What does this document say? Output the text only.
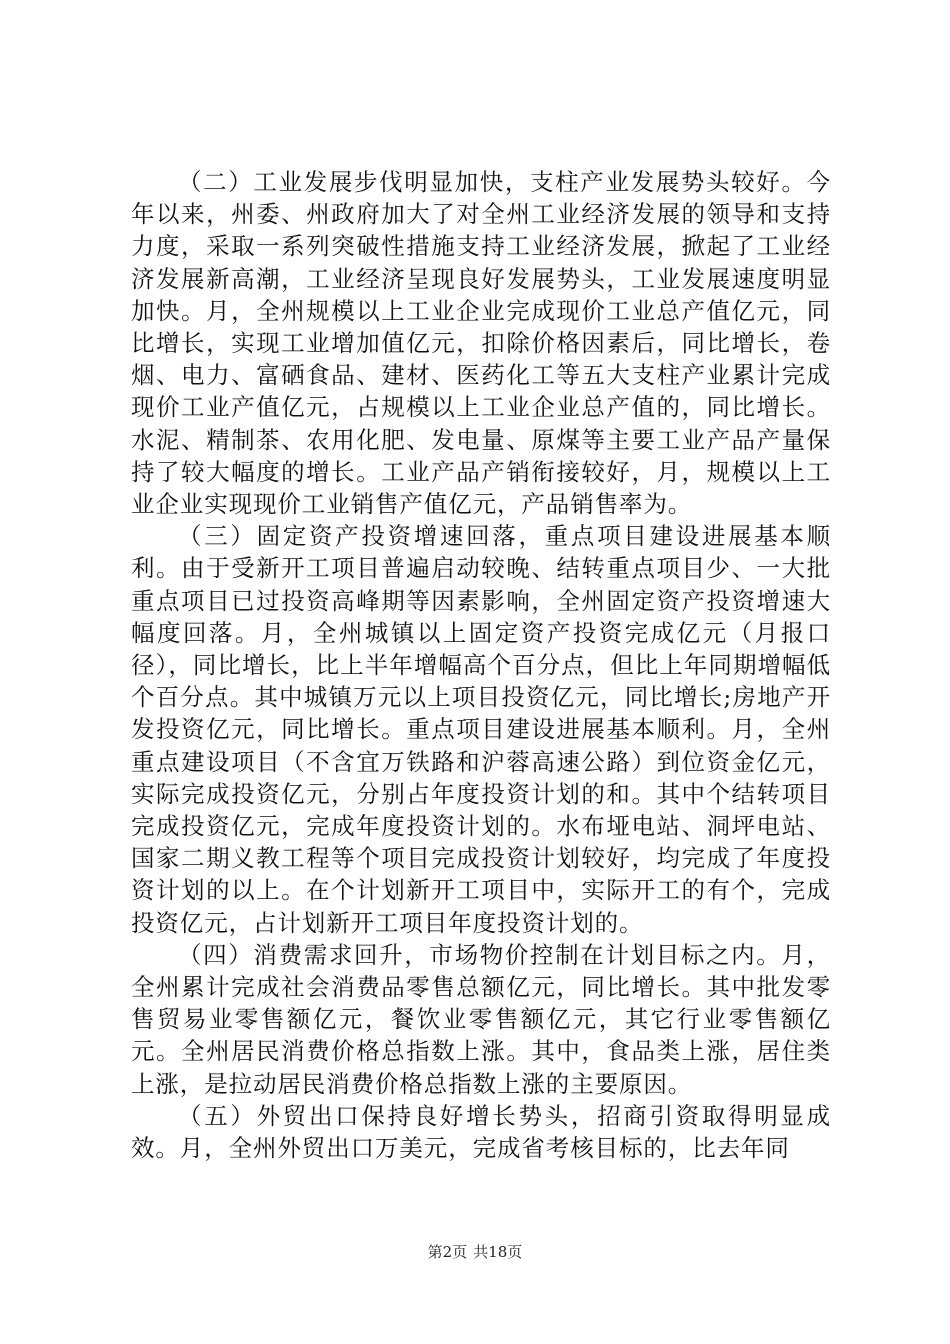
（二）工业发展步伐明显加快，支柱产业发展势头较好。今年以来，州委、州政府加大了对全州工业经济发展的领导和支持力度，采取一系列突破性措施支持工业经济发展，掀起了工业经济发展新高潮，工业经济呈现良好发展势头，工业发展速度明显加快。月，全州规模以上工业企业完成现价工业总产值亿元，同比增长，实现工业增加值亿元，扣除价格因素后，同比增长，卷烟、电力、富硒食品、建材、医药化工等五大支柱产业累计完成现价工业产值亿元，占规模以上工业企业总产值的，同比增长。水泥、精制茶、农用化肥、发电量、原煤等主要工业产品产量保持了较大幅度的增长。工业产品产销衔接较好，月，规模以上工业企业实现现价工业销售产值亿元，产品销售率为。

（三）固定资产投资增速回落，重点项目建设进展基本顺利。由于受新开工项目普遍启动较晚、结转重点项目少、一大批重点项目已过投资高峰期等因素影响，全州固定资产投资增速大幅度回落。月，全州城镇以上固定资产投资完成亿元（月报口径），同比增长，比上半年增幅高个百分点，但比上年同期增幅低个百分点。其中城镇万元以上项目投资亿元，同比增长;房地产开发投资亿元，同比增长。重点项目建设进展基本顺利。月，全州重点建设项目（不含宜万铁路和沪蓉高速公路）到位资金亿元，实际完成投资亿元，分别占年度投资计划的和。其中个结转项目完成投资亿元，完成年度投资计划的。水布垭电站、洞坪电站、国家二期义教工程等个项目完成投资计划较好，均完成了年度投资计划的以上。在个计划新开工项目中，实际开工的有个，完成投资亿元，占计划新开工项目年度投资计划的。

（四）消费需求回升，市场物价控制在计划目标之内。月，全州累计完成社会消费品零售总额亿元，同比增长。其中批发零售贸易业零售额亿元，餐饮业零售额亿元，其它行业零售额亿元。全州居民消费价格总指数上涨。其中，食品类上涨，居住类上涨，是拉动居民消费价格总指数上涨的主要原因。

（五）外贸出口保持良好增长势头，招商引资取得明显成效。月，全州外贸出口万美元，完成省考核目标的，比去年同

第2页 共18页
